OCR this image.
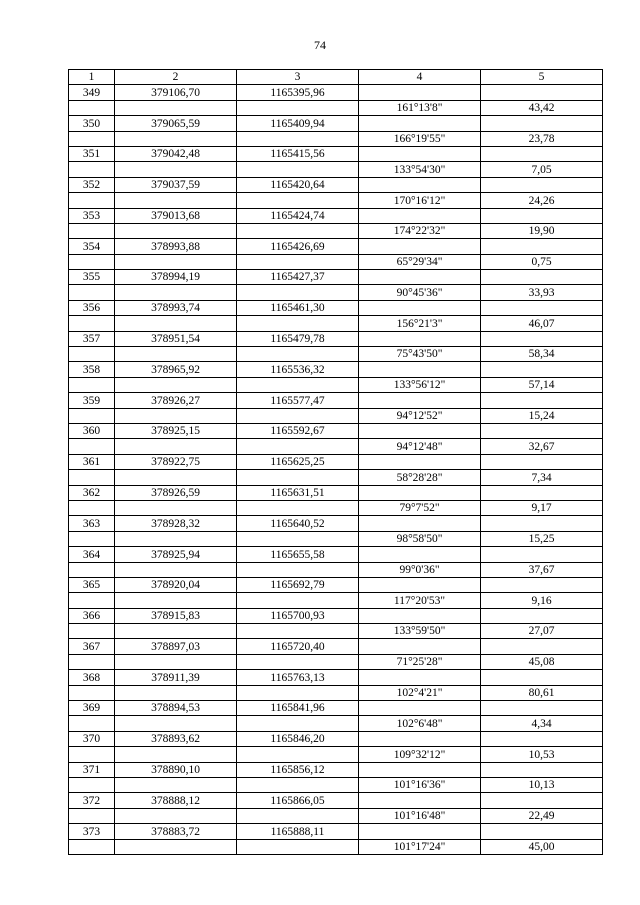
74
1	2	3	4	5
349	379106,70	1165395,96		
			161°13'8"	43,42
350	379065,59	1165409,94		
			166°19'55"	23,78
351	379042,48	1165415,56		
			133°54'30"	7,05
352	379037,59	1165420,64		
			170°16'12"	24,26
353	379013,68	1165424,74		
			174°22'32"	19,90
354	378993,88	1165426,69		
			65°29'34"	0,75
355	378994,19	1165427,37		
			90°45'36"	33,93
356	378993,74	1165461,30		
			156°21'3"	46,07
357	378951,54	1165479,78		
			75°43'50"	58,34
358	378965,92	1165536,32		
			133°56'12"	57,14
359	378926,27	1165577,47		
			94°12'52"	15,24
360	378925,15	1165592,67		
			94°12'48"	32,67
361	378922,75	1165625,25		
			58°28'28"	7,34
362	378926,59	1165631,51		
			79°7'52"	9,17
363	378928,32	1165640,52		
			98°58'50"	15,25
364	378925,94	1165655,58		
			99°0'36"	37,67
365	378920,04	1165692,79		
			117°20'53"	9,16
366	378915,83	1165700,93		
			133°59'50"	27,07
367	378897,03	1165720,40		
			71°25'28"	45,08
368	378911,39	1165763,13		
			102°4'21"	80,61
369	378894,53	1165841,96		
			102°6'48"	4,34
370	378893,62	1165846,20		
			109°32'12"	10,53
371	378890,10	1165856,12		
			101°16'36"	10,13
372	378888,12	1165866,05		
			101°16'48"	22,49
373	378883,72	1165888,11		
			101°17'24"	45,00
